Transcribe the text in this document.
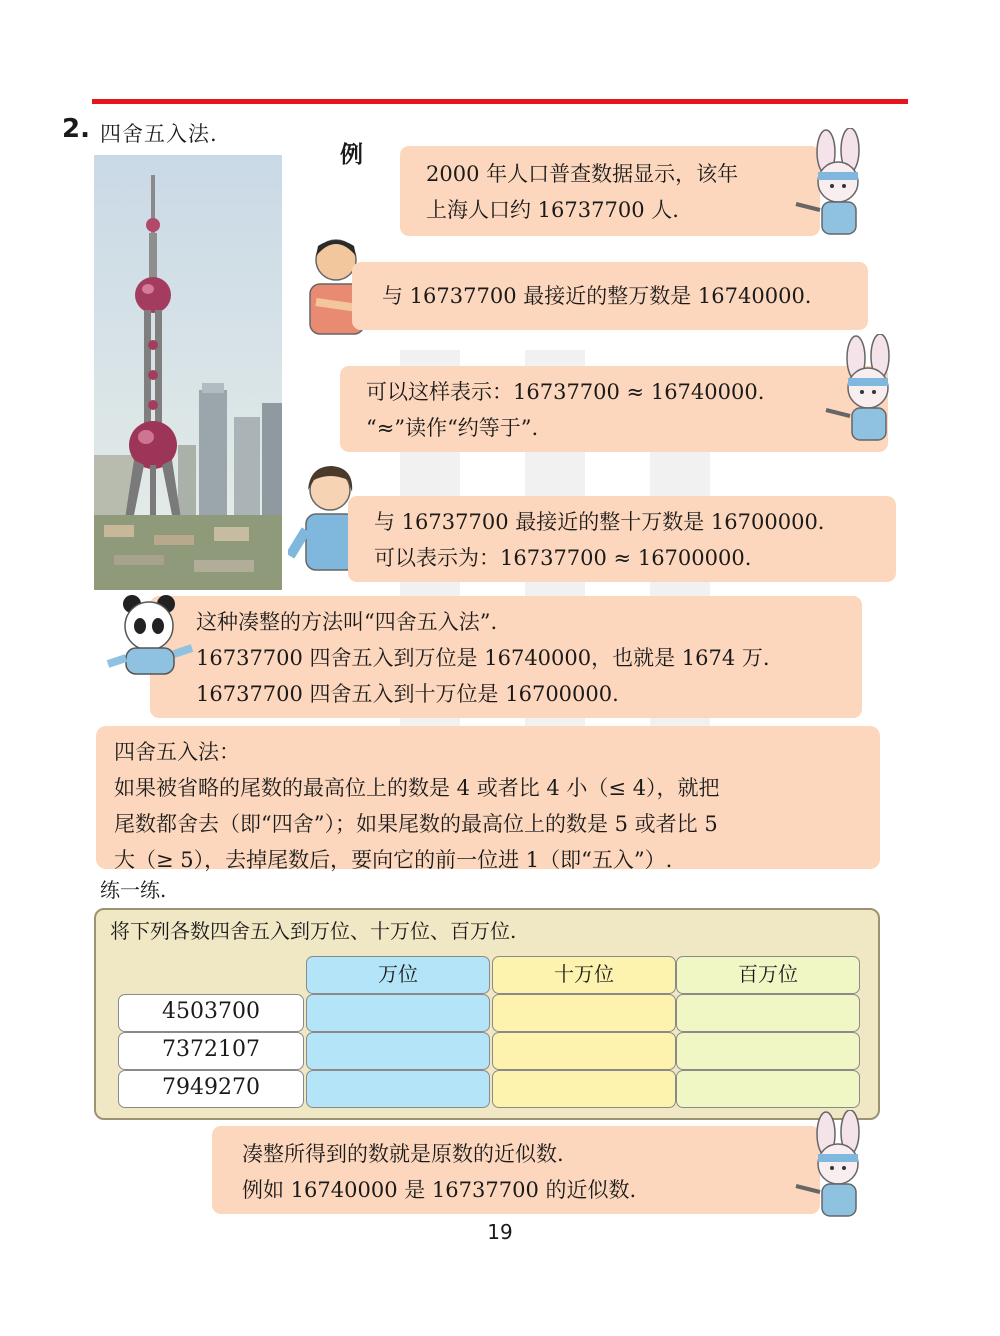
2. 四舍五入法.
例
2000 年人口普查数据显示，该年
上海人口约 16737700 人.
与 16737700 最接近的整万数是 16740000.
可以这样表示：16737700 ≈ 16740000.
“≈”读作“约等于”.
与 16737700 最接近的整十万数是 16700000.
可以表示为：16737700 ≈ 16700000.
这种凑整的方法叫“四舍五入法”.
16737700 四舍五入到万位是 16740000，也就是 1674 万.
16737700 四舍五入到十万位是 16700000.
四舍五入法：
如果被省略的尾数的最高位上的数是 4 或者比 4 小（≤ 4），就把
尾数都舍去（即“四舍”）；如果尾数的最高位上的数是 5 或者比 5
大（≥ 5），去掉尾数后，要向它的前一位进 1（即“五入”）.
练一练.
将下列各数四舍五入到万位、十万位、百万位.
万位	十万位	百万位
4503700
7372107
7949270
凑整所得到的数就是原数的近似数.
例如 16740000 是 16737700 的近似数.
19
